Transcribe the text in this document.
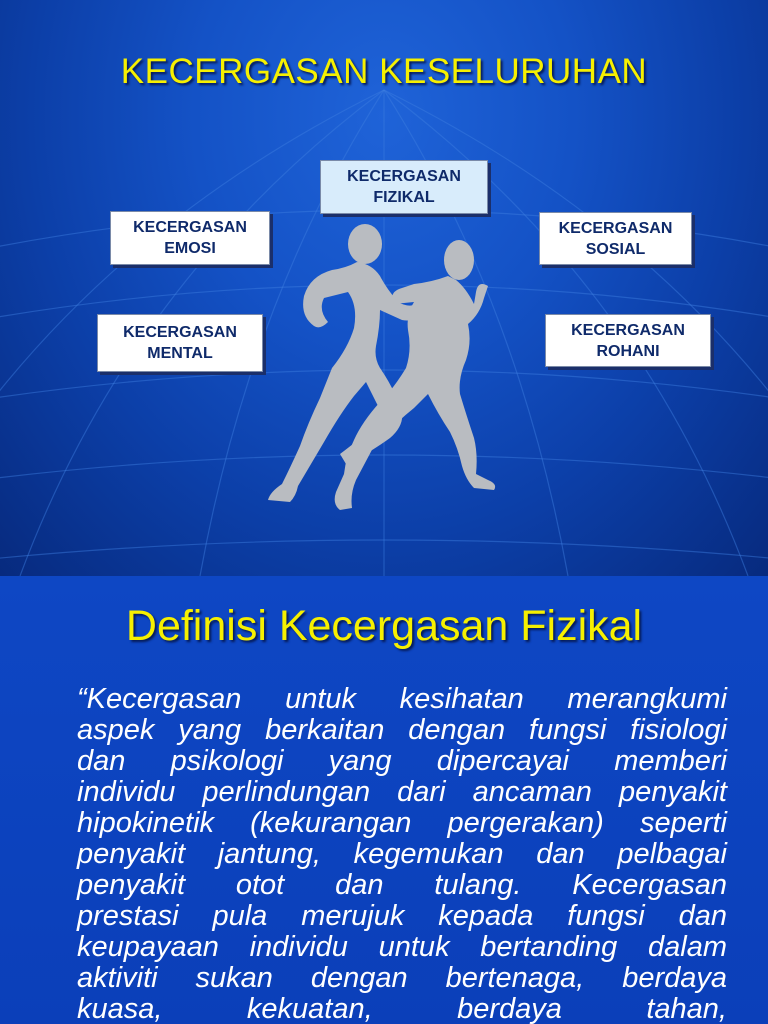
KECERGASAN KESELURUHAN
KECERGASAN
FIZIKAL
KECERGASAN
EMOSI
KECERGASAN
SOSIAL
KECERGASAN
MENTAL
KECERGASAN
ROHANI
Definisi Kecergasan Fizikal
“Kecergasan untuk kesihatan merangkumi
aspek yang berkaitan dengan fungsi fisiologi
dan psikologi yang dipercayai memberi
individu perlindungan dari ancaman penyakit
hipokinetik (kekurangan pergerakan) seperti
penyakit jantung, kegemukan dan pelbagai
penyakit otot dan tulang. Kecergasan
prestasi pula merujuk kepada fungsi dan
keupayaan individu untuk bertanding dalam
aktiviti sukan dengan bertenaga, berdaya
kuasa, kekuatan, berdaya tahan,
